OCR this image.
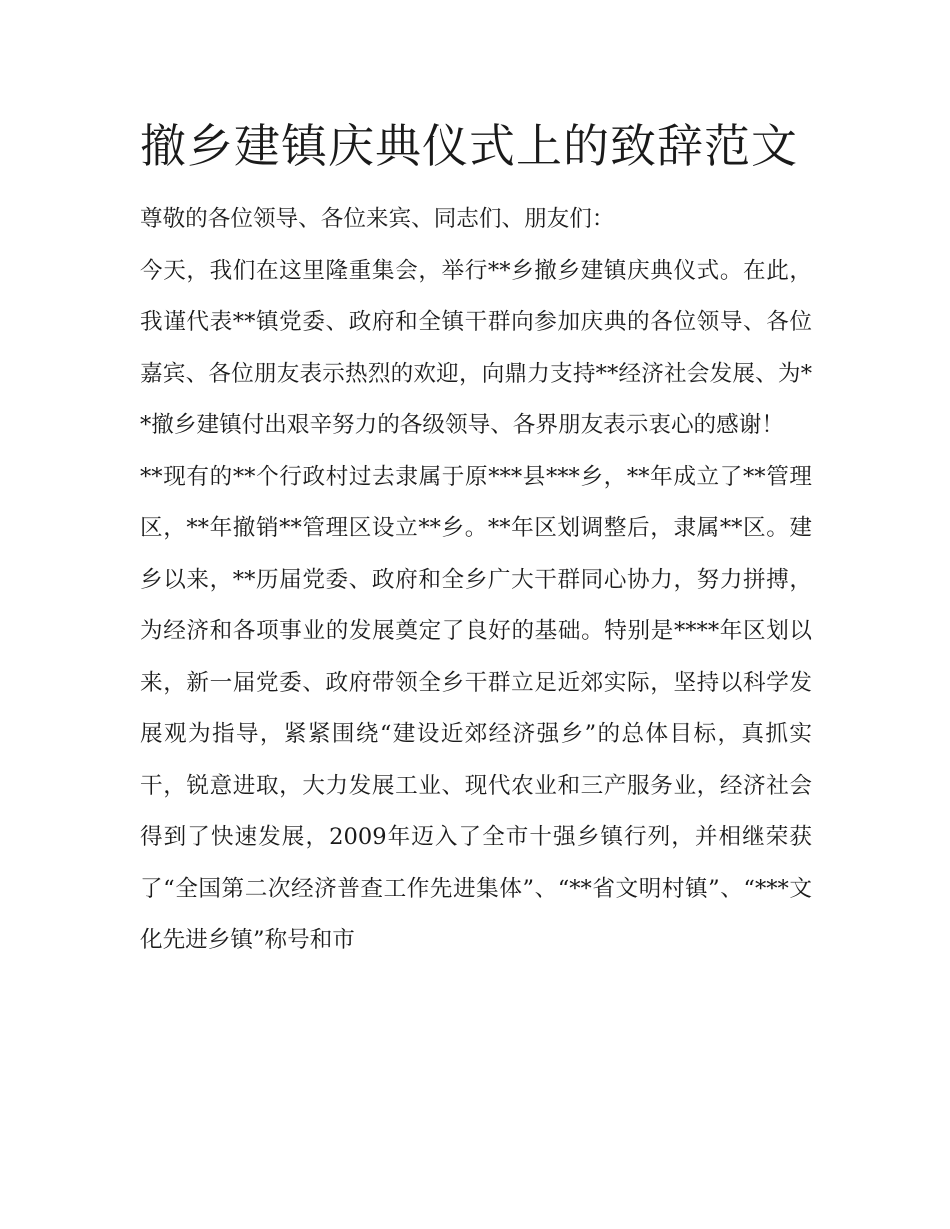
撤乡建镇庆典仪式上的致辞范文

尊敬的各位领导、各位来宾、同志们、朋友们：

今天，我们在这里隆重集会，举行**乡撤乡建镇庆典仪式。在此，我谨代表**镇党委、政府和全镇干群向参加庆典的各位领导、各位嘉宾、各位朋友表示热烈的欢迎，向鼎力支持**经济社会发展、为**撤乡建镇付出艰辛努力的各级领导、各界朋友表示衷心的感谢！

**现有的**个行政村过去隶属于原***县***乡，**年成立了**管理区，**年撤销**管理区设立**乡。**年区划调整后，隶属**区。建乡以来，**历届党委、政府和全乡广大干群同心协力，努力拼搏，为经济和各项事业的发展奠定了良好的基础。特别是****年区划以来，新一届党委、政府带领全乡干群立足近郊实际，坚持以科学发展观为指导，紧紧围绕“建设近郊经济强乡”的总体目标，真抓实干，锐意进取，大力发展工业、现代农业和三产服务业，经济社会得到了快速发展，2009年迈入了全市十强乡镇行列，并相继荣获了“全国第二次经济普查工作先进集体”、“**省文明村镇”、“***文化先进乡镇”称号和市
